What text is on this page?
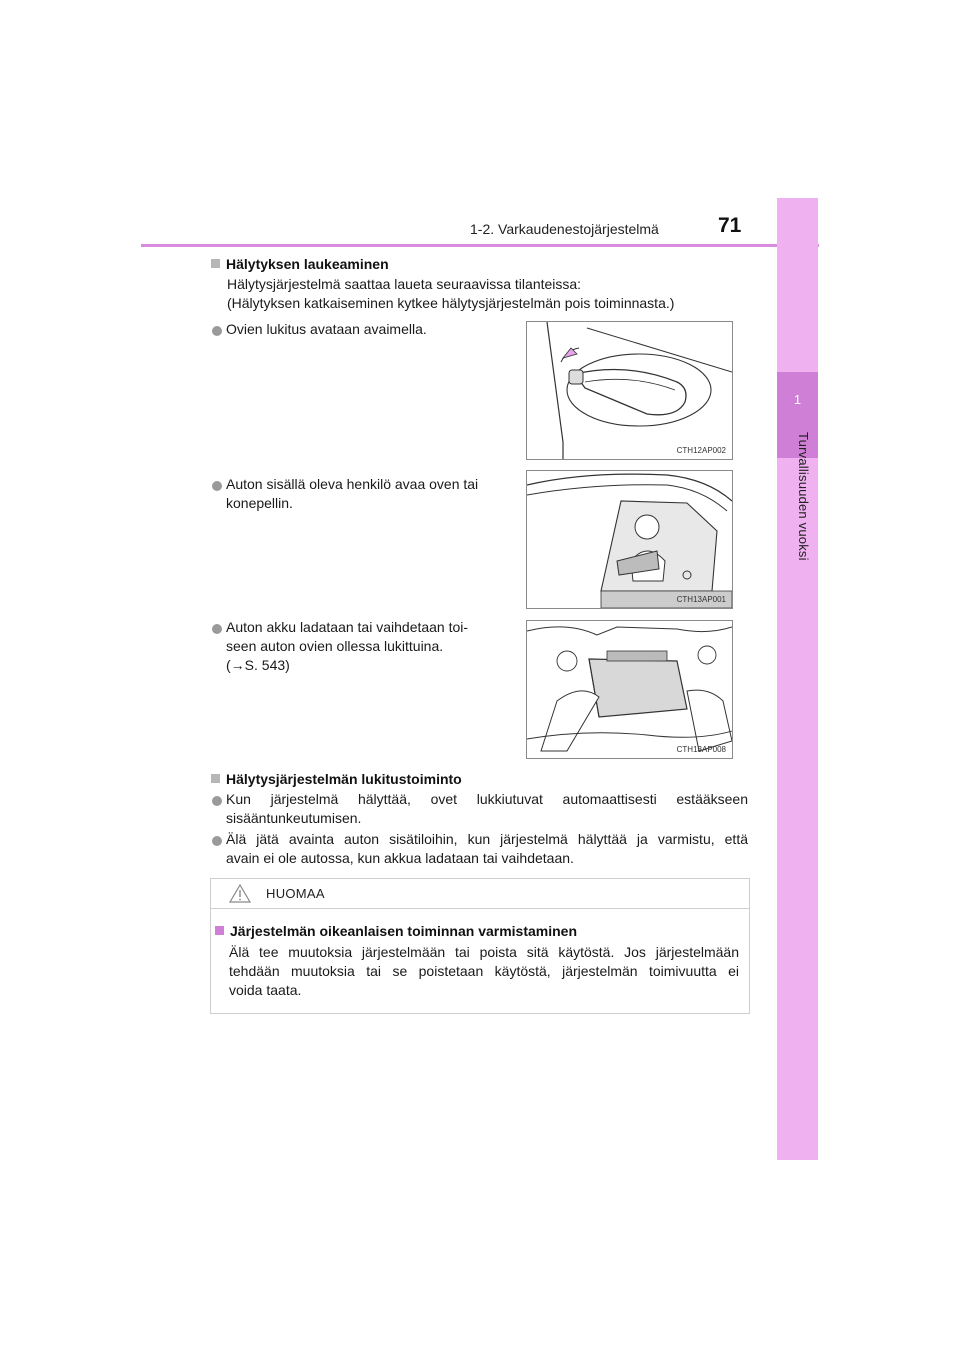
1-2. Varkaudenestojärjestelmä	71
1
Turvallisuuden vuoksi
Hälytyksen laukeaminen
Hälytysjärjestelmä saattaa laueta seuraavissa tilanteissa:
(Hälytyksen katkaiseminen kytkee hälytysjärjestelmän pois toiminnasta.)
Ovien lukitus avataan avaimella.
CTH12AP002
Auton sisällä oleva henkilö avaa oven tai
konepellin.
CTH13AP001
Auton akku ladataan tai vaihdetaan toi-
seen auton ovien ollessa lukittuina.
(→S. 543)
CTH13AP008
Hälytysjärjestelmän lukitustoiminto
Kun järjestelmä hälyttää, ovet lukkiutuvat automaattisesti estääkseen
sisääntunkeutumisen.
Älä jätä avainta auton sisätiloihin, kun järjestelmä hälyttää ja varmistu, että
avain ei ole autossa, kun akkua ladataan tai vaihdetaan.
HUOMAA
Järjestelmän oikeanlaisen toiminnan varmistaminen
Älä tee muutoksia järjestelmään tai poista sitä käytöstä. Jos järjestelmään
tehdään muutoksia tai se poistetaan käytöstä, järjestelmän toimivuutta ei
voida taata.
